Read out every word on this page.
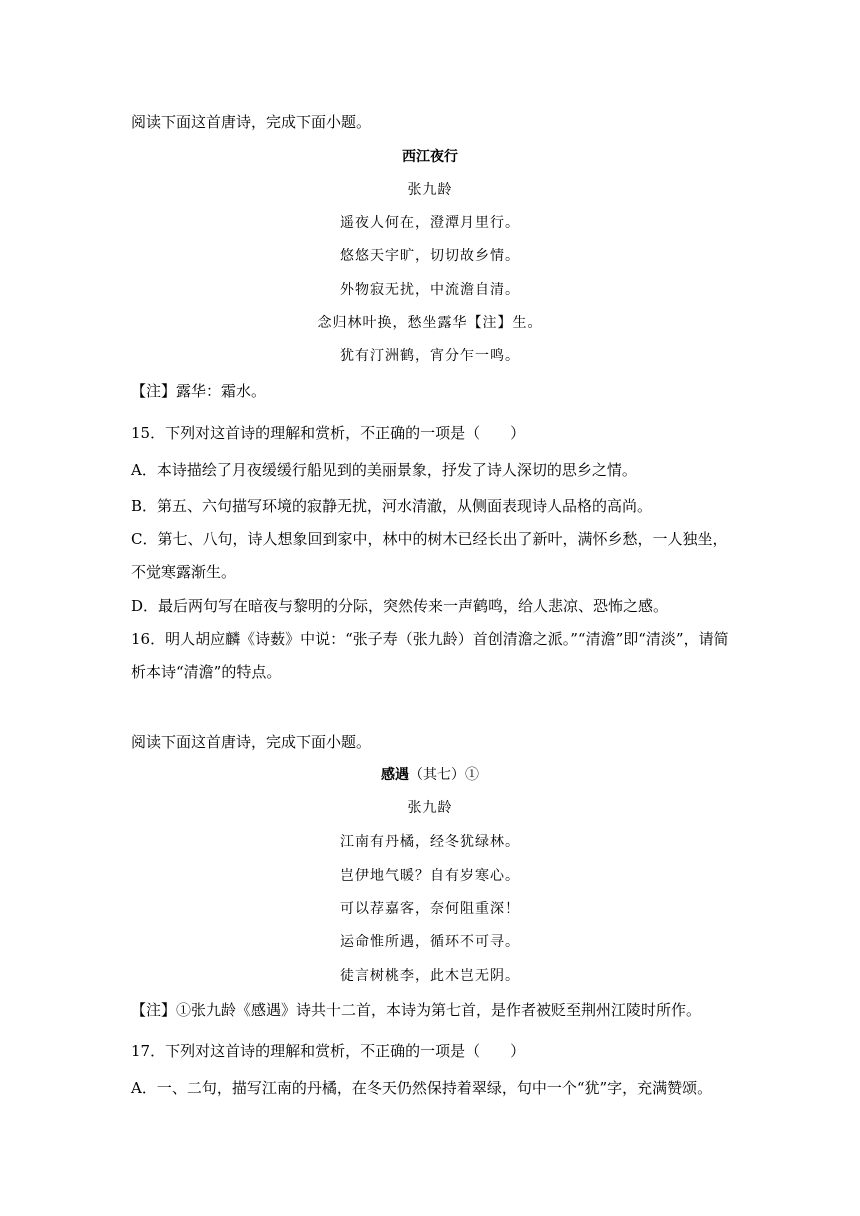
阅读下面这首唐诗，完成下面小题。
西江夜行
张九龄
遥夜人何在，澄潭月里行。
悠悠天宇旷，切切故乡情。
外物寂无扰，中流澹自清。
念归林叶换，愁坐露华【注】生。
犹有汀洲鹤，宵分乍一鸣。
【注】露华：霜水。
15．下列对这首诗的理解和赏析，不正确的一项是（　　）
A．本诗描绘了月夜缓缓行船见到的美丽景象，抒发了诗人深切的思乡之情。
B．第五、六句描写环境的寂静无扰，河水清澈，从侧面表现诗人品格的高尚。
C．第七、八句，诗人想象回到家中，林中的树木已经长出了新叶，满怀乡愁，一人独坐，
不觉寒露渐生。
D．最后两句写在暗夜与黎明的分际，突然传来一声鹤鸣，给人悲凉、恐怖之感。
16．明人胡应麟《诗薮》中说：“张子寿（张九龄）首创清澹之派。”“清澹”即“清淡”，请简
析本诗“清澹”的特点。
阅读下面这首唐诗，完成下面小题。
感遇（其七）①
张九龄
江南有丹橘，经冬犹绿林。
岂伊地气暖？自有岁寒心。
可以荐嘉客，奈何阻重深！
运命惟所遇，循环不可寻。
徒言树桃李，此木岂无阴。
【注】①张九龄《感遇》诗共十二首，本诗为第七首，是作者被贬至荆州江陵时所作。
17．下列对这首诗的理解和赏析，不正确的一项是（　　）
A．一、二句，描写江南的丹橘，在冬天仍然保持着翠绿，句中一个“犹”字，充满赞颂。
